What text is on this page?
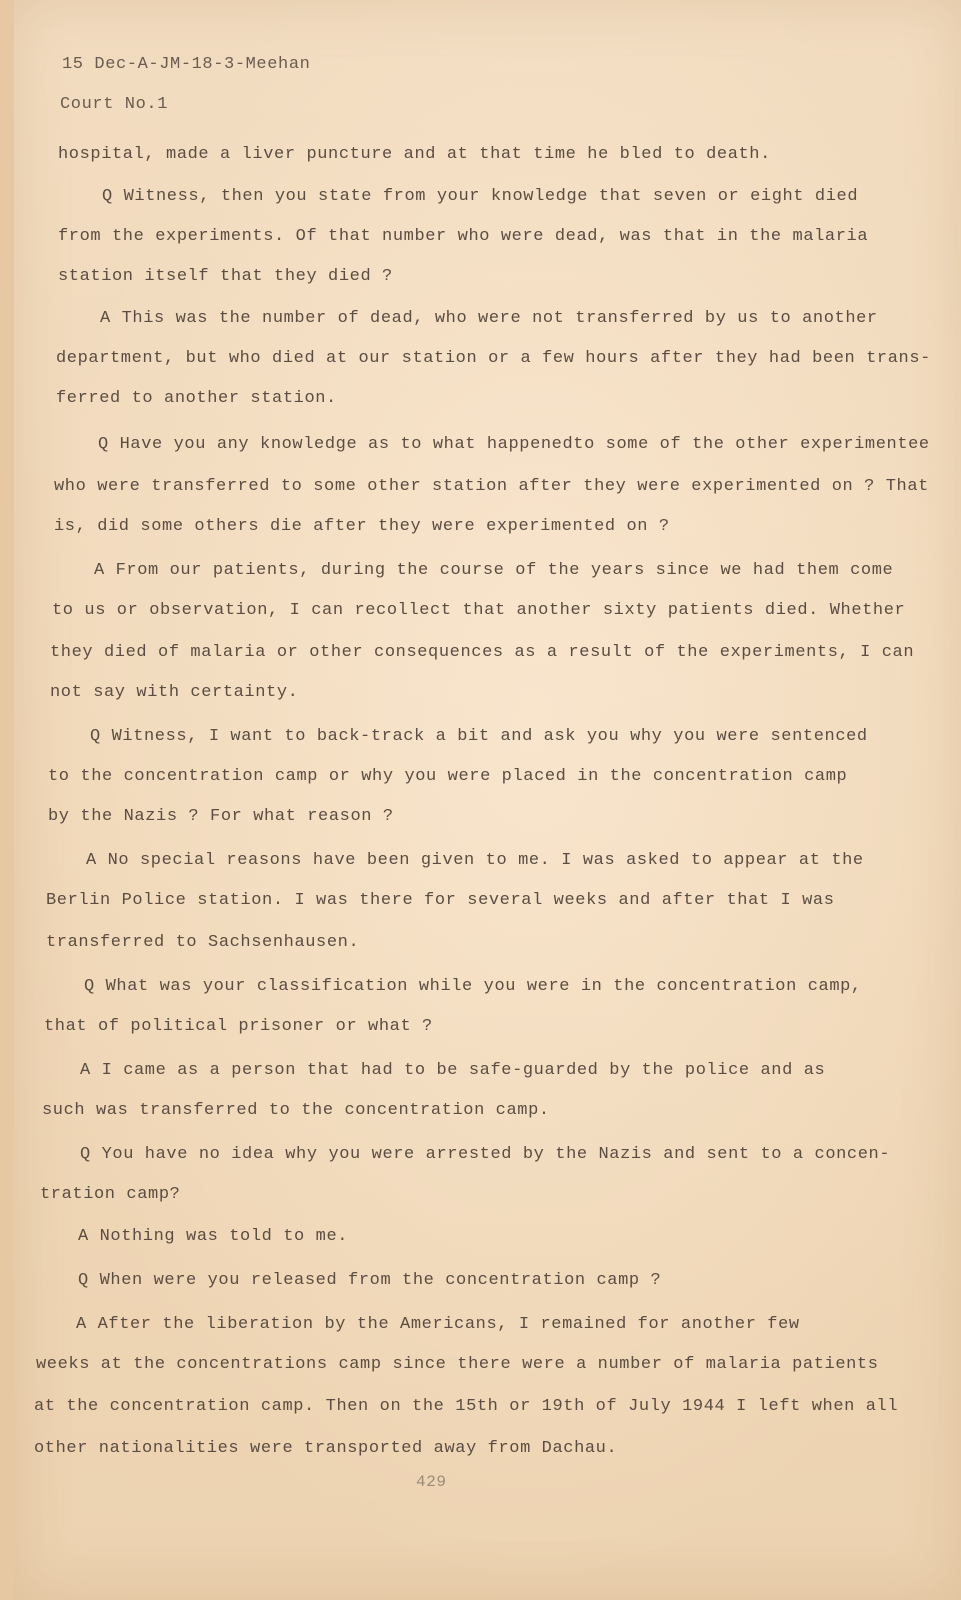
15 Dec-A-JM-18-3-Meehan
Court No.1
hospital, made a liver puncture and at that time he bled to death.
Q Witness, then you state from your knowledge that seven or eight died
from the experiments. Of that number who were dead, was that in the malaria
station itself that they died ?
A This was the number of dead, who were not transferred by us to another
department, but who died at our station or a few hours after they had been trans-
ferred to another station.
Q Have you any knowledge as to what happenedto some of the other experimentee
who were transferred to some other station after they were experimented on ? That
is, did some others die after they were experimented on ?
A From our patients, during the course of the years since we had them come
to us or observation, I can recollect that another sixty patients died. Whether
they died of malaria or other consequences as a result of the experiments, I can
not say with certainty.
Q Witness, I want to back-track a bit and ask you why you were sentenced
to the concentration camp or why you were placed in the concentration camp
by the Nazis ? For what reason ?
A No special reasons have been given to me. I was asked to appear at the
Berlin Police station. I was there for several weeks and after that I was
transferred to Sachsenhausen.
Q What was your classification while you were in the concentration camp,
that of political prisoner or what ?
A I came as a person that had to be safe-guarded by the police and as
such was transferred to the concentration camp.
Q You have no idea why you were arrested by the Nazis and sent to a concen-
tration camp?
A Nothing was told to me.
Q When were you released from the concentration camp ?
A After the liberation by the Americans, I remained for another few
weeks at the concentrations camp since there were a number of malaria patients
at the concentration camp. Then on the 15th or 19th of July 1944 I left when all
other nationalities were transported away from Dachau.
429
